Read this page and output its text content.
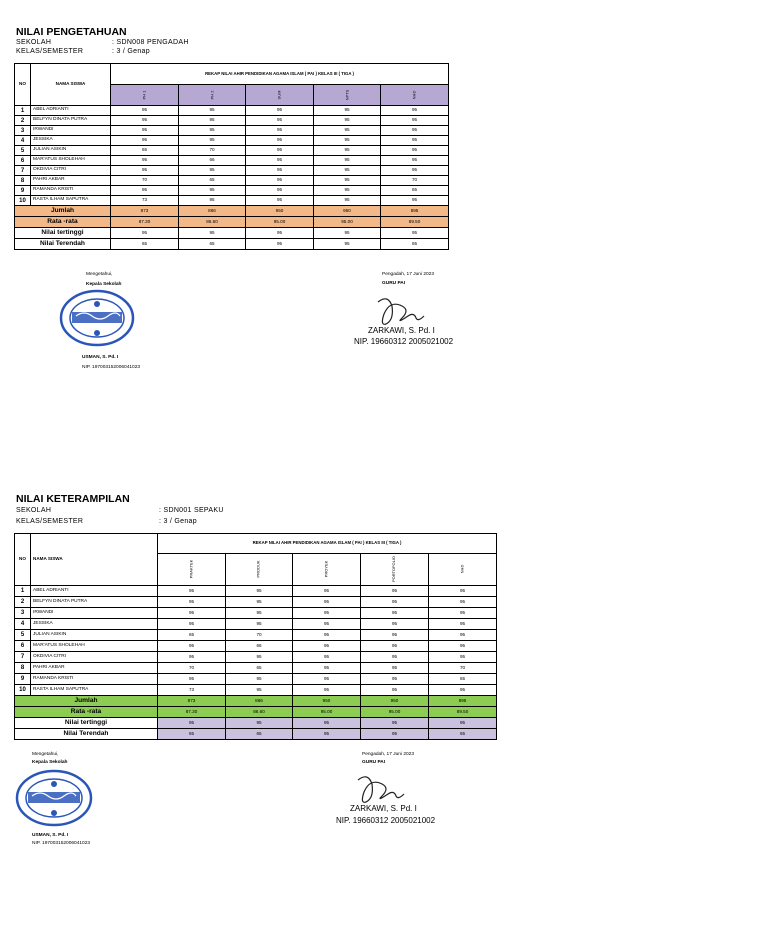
NILAI PENGETAHUAN
SEKOLAH	: SDN008 PENGADAH
KELAS/SEMESTER	: 3 / Genap
NO	NAMA SISWA	REKAP NILAI AHIR PENDIDIKAN AGAMA ISLAM ( PAI ) KELAS III ( TIGA )				
		PH 1	PH 2	SUM	NPTS	NHD
1	ABEL ADRIANTI	95	95	95	95	95
2	BELFYN DINATA PUTRA	95	95	95	95	95
3	IRWANDI	95	95	95	95	95
4	JESSIKA	95	95	95	95	95
5	JULIAN ASIKIN	65	70	95	95	95
6	MAR'ATUS SHOLEHAH	95	66	95	95	95
7	OKDIVIA CITRI	95	95	95	95	95
8	PAHRI AKBAR	70	65	95	95	70
9	RAMANDA KRISTI	95	95	95	95	65
10	RASTA ILHAM SAPUTRA	73	95	95	95	95
Jumlah		873	866	950	950	895
Rata -rata		87.30	86.60	95.00	95.00	89.50
Nilai tertinggi		95	95	95	95	95
Nilai Terendah		65	65	95	95	65
Mengetahui,
Kepala Sekolah
USMAN, S. Pd. I
NIP. 197003152006041023
Pengadah, 17 Juni 2023
GURU PAI
ZARKAWI, S. Pd. I
NIP. 19660312 2005021002
NILAI KETERAMPILAN
SEKOLAH	: SDN001 SEPAKU
KELAS/SEMESTER	: 3 / Genap
NO	NAMA SISWA	REKAP NILAI AHIR PENDIDIKAN AGAMA ISLAM ( PAI ) KELAS III ( TIGA )				
		PRAKTEK	PRODUK	PROYEK	PORTOFOLIO	NHD
1	ABEL ADRIANTI	95	95	95	95	95
2	BELFYN DINATA PUTRA	95	95	95	95	95
3	IRWANDI	95	95	95	95	95
4	JESSIKA	95	95	95	95	95
5	JULIAN ASIKIN	65	70	95	95	95
6	MAR'ATUS SHOLEHAH	95	66	95	95	95
7	OKDIVIA CITRI	95	95	95	95	95
8	PAHRI AKBAR	70	65	95	95	70
9	RAMANDA KRISTI	95	95	95	95	65
10	RASTA ILHAM SAPUTRA	73	95	95	95	95
Jumlah		873	866	950	950	895
Rata -rata		87.30	86.60	95.00	95.00	89.50
Nilai tertinggi		95	95	95	95	95
Nilai Terendah		65	65	95	95	65
Mengetahui,
Kepala Sekolah
USMAN, S. Pd. I
NIP. 197003152006041023
Pengadah, 17 Juni 2023
GURU PAI
ZARKAWI, S. Pd. I
NIP. 19660312 2005021002
